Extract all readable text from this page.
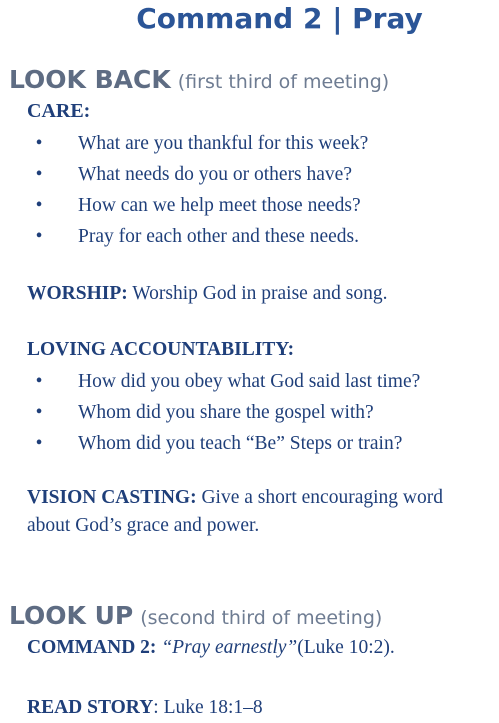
Command 2 | Pray
LOOK BACK (first third of meeting)
CARE:
• What are you thankful for this week?
• What needs do you or others have?
• How can we help meet those needs?
• Pray for each other and these needs.
WORSHIP: Worship God in praise and song.
LOVING ACCOUNTABILITY:
• How did you obey what God said last time?
• Whom did you share the gospel with?
• Whom did you teach “Be” Steps or train?
VISION CASTING: Give a short encouraging word
about God’s grace and power.
LOOK UP (second third of meeting)
COMMAND 2: “Pray earnestly”(Luke 10:2).
READ STORY: Luke 18:1–8
